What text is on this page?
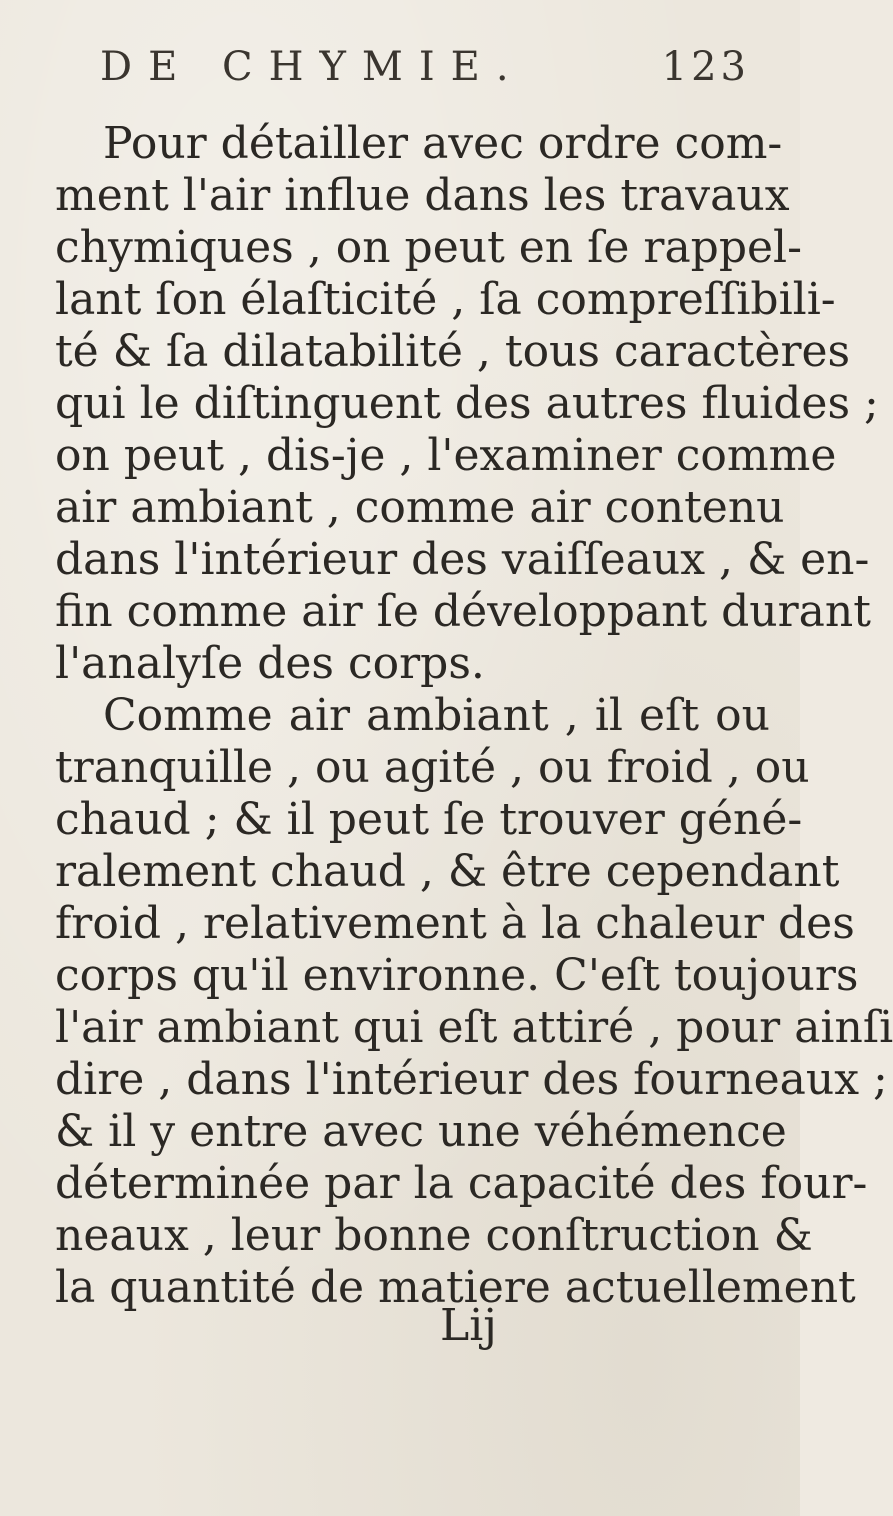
DE CHYMIE.	123
Pour détailler avec ordre com-
ment l'air influe dans les travaux
chymiques , on peut en ſe rappel-
lant ſon élaſticité , ſa compreſſibili-
té & ſa dilatabilité , tous caractères
qui le diſtinguent des autres fluides ;
on peut , dis-je , l'examiner comme
air ambiant , comme air contenu
dans l'intérieur des vaiſſeaux , & en-
fin comme air ſe développant durant
l'analyſe des corps.
Comme air ambiant , il eſt ou
tranquille , ou agité , ou froid , ou
chaud ; & il peut ſe trouver géné-
ralement chaud , & être cependant
froid , relativement à la chaleur des
corps qu'il environne. C'eſt toujours
l'air ambiant qui eſt attiré , pour ainſi
dire , dans l'intérieur des fourneaux ;
& il y entre avec une véhémence
déterminée par la capacité des four-
neaux , leur bonne conſtruction &
la quantité de matiere actuellement
Lij
